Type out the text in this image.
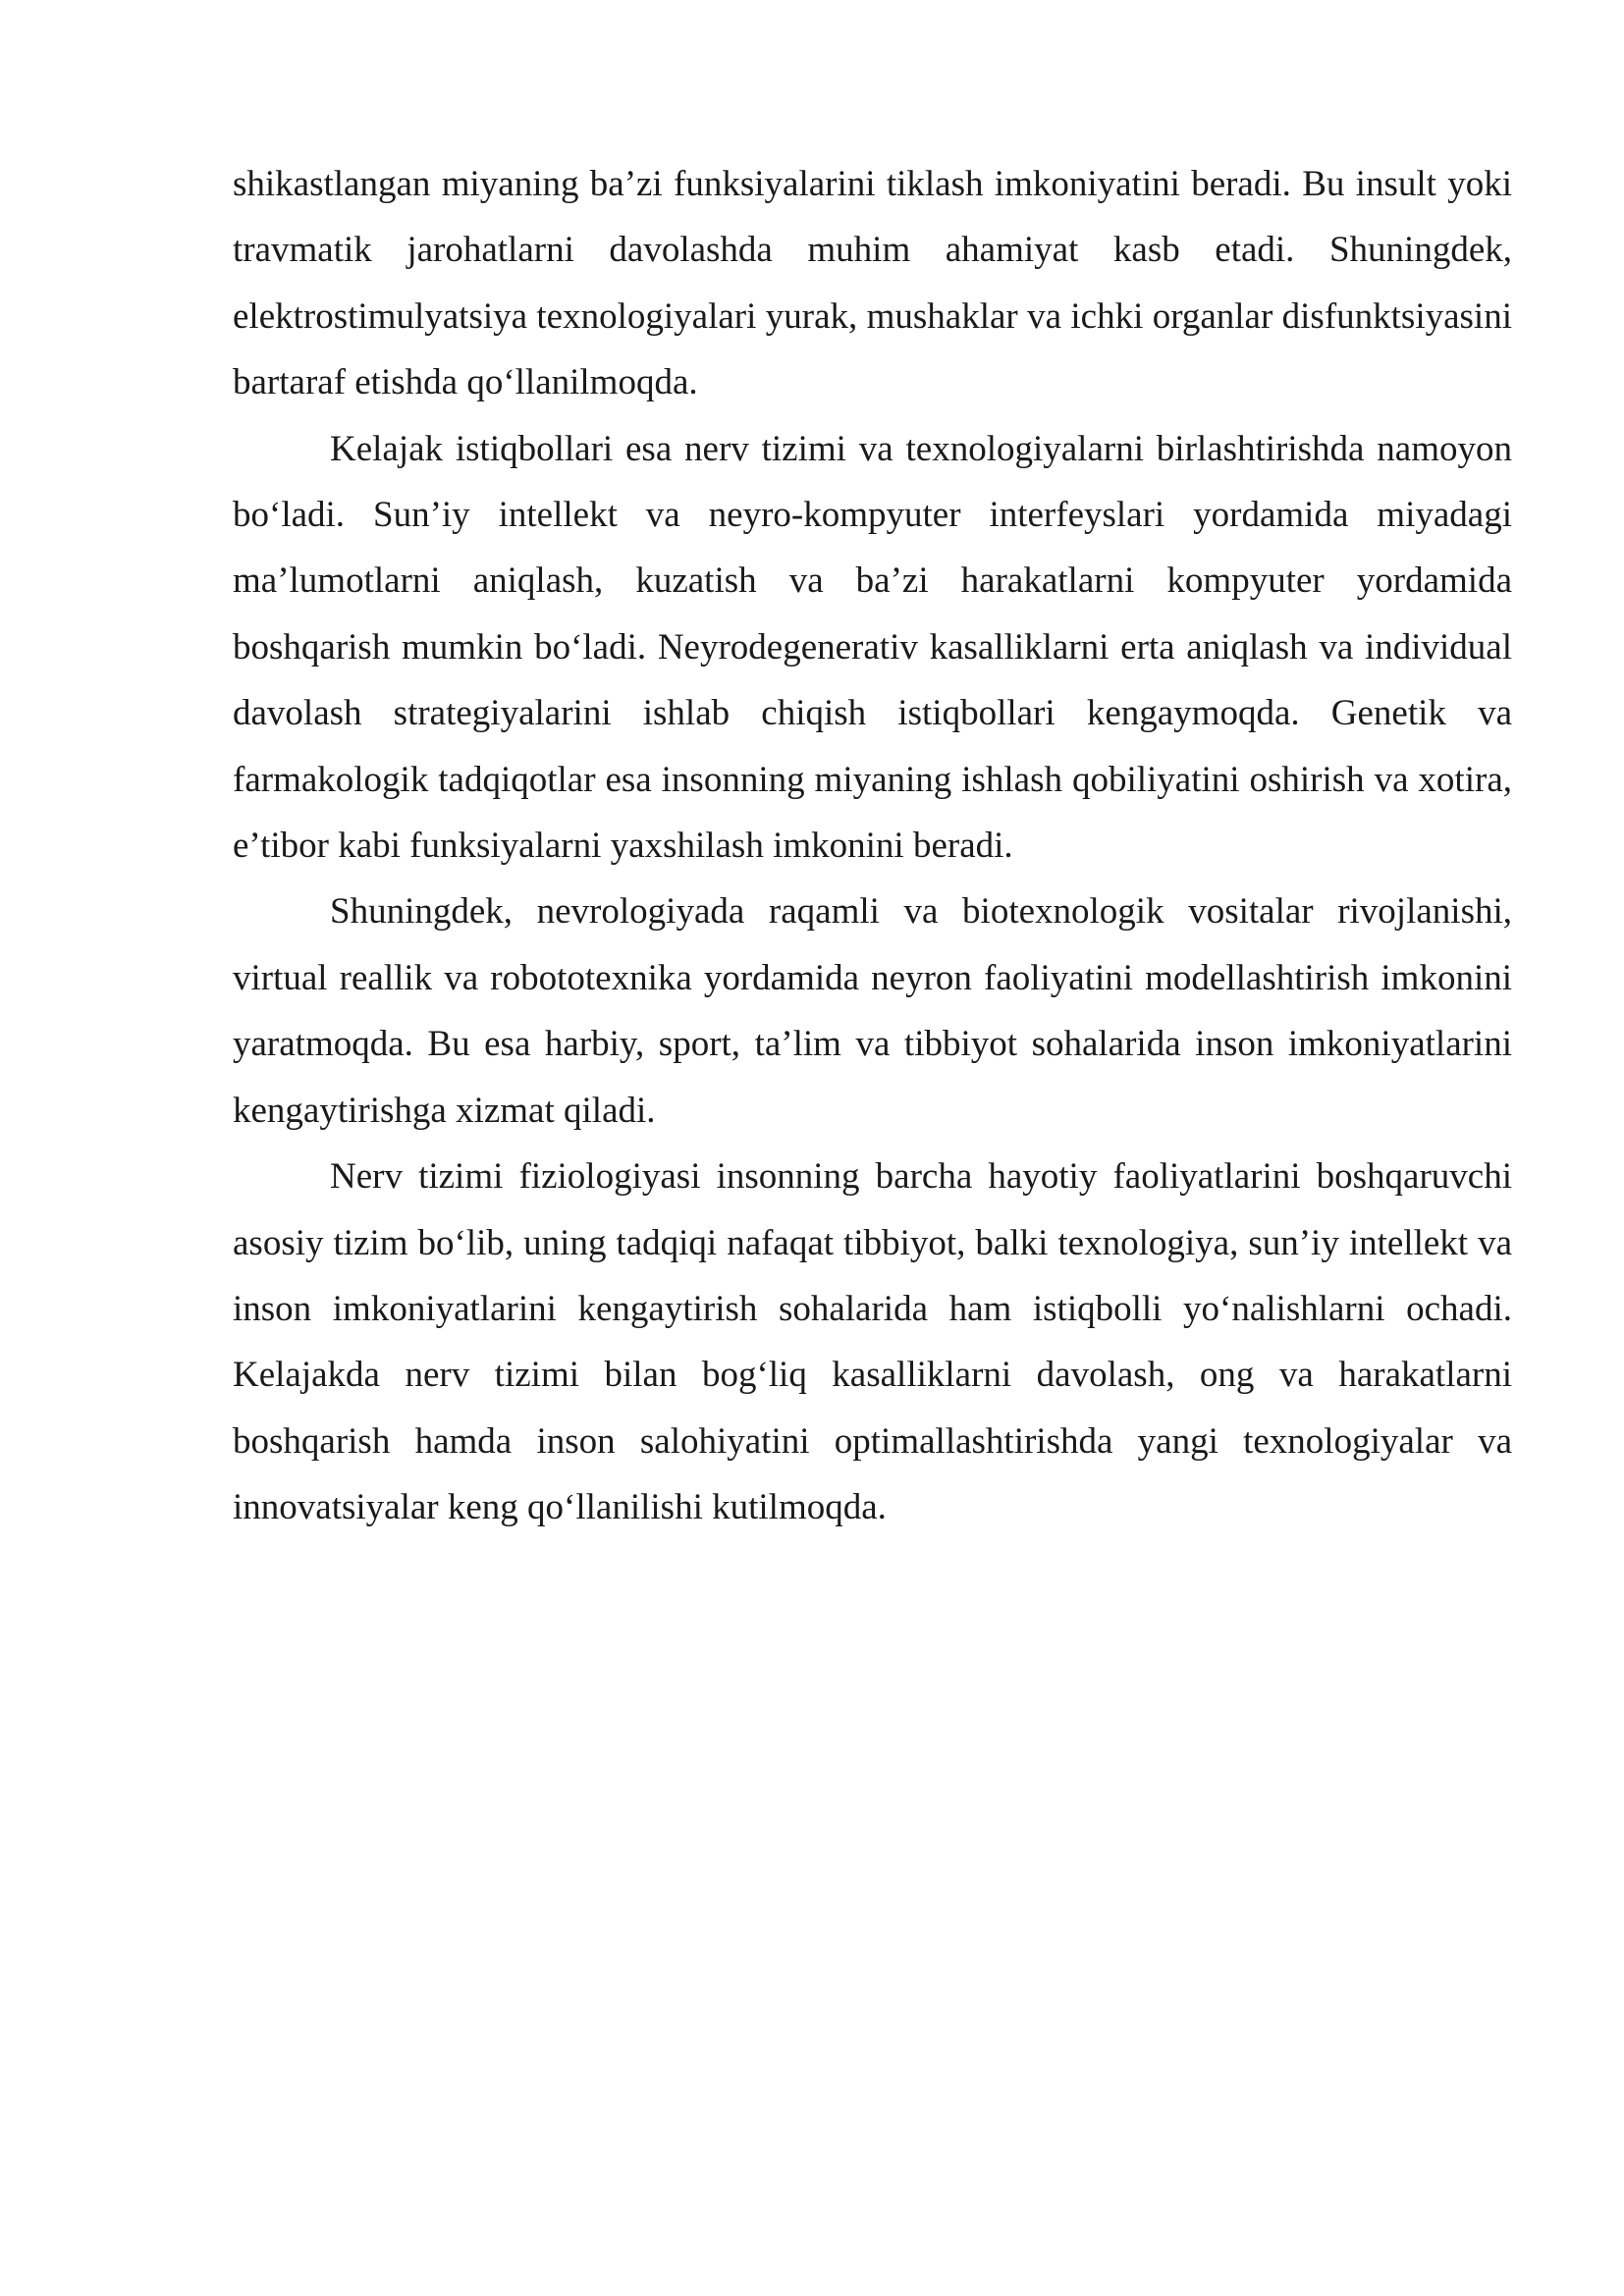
shikastlangan miyaning ba’zi funksiyalarini tiklash imkoniyatini beradi. Bu insult yoki travmatik jarohatlarni davolashda muhim ahamiyat kasb etadi. Shuningdek, elektrostimulyatsiya texnologiyalari yurak, mushaklar va ichki organlar disfunktsiyasini bartaraf etishda qo‘llanilmoqda.

Kelajak istiqbollari esa nerv tizimi va texnologiyalarni birlashtirishda namoyon bo‘ladi. Sun’iy intellekt va neyro-kompyuter interfeyslari yordamida miyadagi ma’lumotlarni aniqlash, kuzatish va ba’zi harakatlarni kompyuter yordamida boshqarish mumkin bo‘ladi. Neyrodegenerativ kasalliklarni erta aniqlash va individual davolash strategiyalarini ishlab chiqish istiqbollari kengaymoqda. Genetik va farmakologik tadqiqotlar esa insonning miyaning ishlash qobiliyatini oshirish va xotira, e’tibor kabi funksiyalarni yaxshilash imkonini beradi.

Shuningdek, nevrologiyada raqamli va biotexnologik vositalar rivojlanishi, virtual reallik va robototexnika yordamida neyron faoliyatini modellashtirish imkonini yaratmoqda. Bu esa harbiy, sport, ta’lim va tibbiyot sohalarida inson imkoniyatlarini kengaytirishga xizmat qiladi.

Nerv tizimi fiziologiyasi insonning barcha hayotiy faoliyatlarini boshqaruvchi asosiy tizim bo‘lib, uning tadqiqi nafaqat tibbiyot, balki texnologiya, sun’iy intellekt va inson imkoniyatlarini kengaytirish sohalarida ham istiqbolli yo‘nalishlarni ochadi. Kelajakda nerv tizimi bilan bog‘liq kasalliklarni davolash, ong va harakatlarni boshqarish hamda inson salohiyatini optimallashtirishda yangi texnologiyalar va innovatsiyalar keng qo‘llanilishi kutilmoqda.
